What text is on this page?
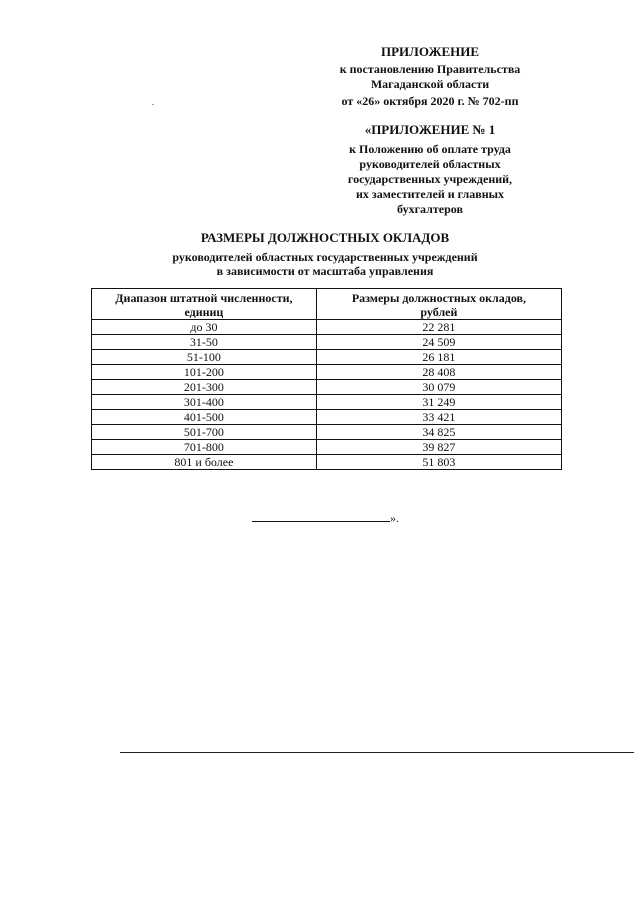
ПРИЛОЖЕНИЕ
к постановлению Правительства
Магаданской области
от «26» октября 2020 г. № 702-пп
«ПРИЛОЖЕНИЕ № 1
к Положению об оплате труда
руководителей областных
государственных учреждений,
их заместителей и главных
бухгалтеров
РАЗМЕРЫ ДОЛЖНОСТНЫХ ОКЛАДОВ
руководителей областных государственных учреждений
в зависимости от масштаба управления
Диапазон штатной численности,
единиц	Размеры должностных окладов,
рублей
до 30	22 281
31-50	24 509
51-100	26 181
101-200	28 408
201-300	30 079
301-400	31 249
401-500	33 421
501-700	34 825
701-800	39 827
801 и более	51 803
».
